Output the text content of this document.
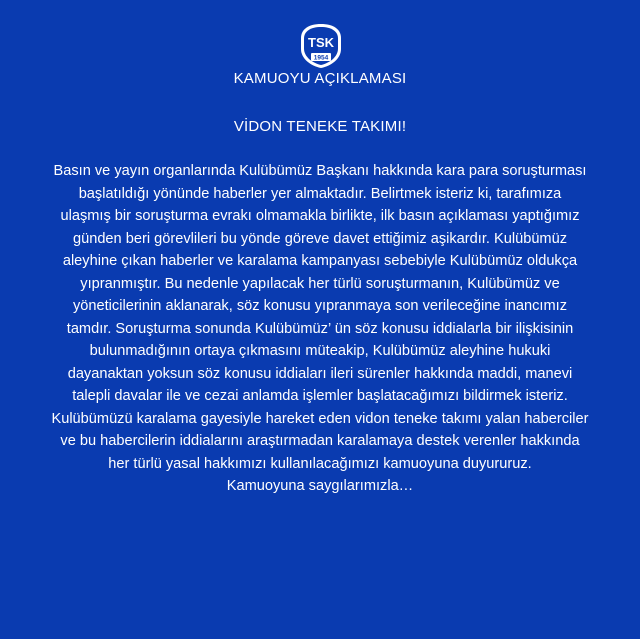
TSK
1954
KAMUOYU AÇIKLAMASI
VİDON TENEKE TAKIMI!
Basın ve yayın organlarında Kulübümüz Başkanı hakkında kara para soruşturması
başlatıldığı yönünde haberler yer almaktadır. Belirtmek isteriz ki, tarafımıza
ulaşmış bir soruşturma evrakı olmamakla birlikte, ilk basın açıklaması yaptığımız
günden beri görevlileri bu yönde göreve davet ettiğimiz aşikardır. Kulübümüz
aleyhine çıkan haberler ve karalama kampanyası sebebiyle Kulübümüz oldukça
yıpranmıştır. Bu nedenle yapılacak her türlü soruşturmanın, Kulübümüz ve
yöneticilerinin aklanarak, söz konusu yıpranmaya son verileceğine inancımız
tamdır. Soruşturma sonunda Kulübümüz’ ün söz konusu iddialarla bir ilişkisinin
bulunmadığının ortaya çıkmasını müteakip, Kulübümüz aleyhine hukuki
dayanaktan yoksun söz konusu iddiaları ileri sürenler hakkında maddi, manevi
talepli davalar ile ve cezai anlamda işlemler başlatacağımızı bildirmek isteriz.
Kulübümüzü karalama gayesiyle hareket eden vidon teneke takımı yalan haberciler
ve bu habercilerin iddialarını araştırmadan karalamaya destek verenler hakkında
her türlü yasal hakkımızı kullanılacağımızı kamuoyuna duyururuz.
Kamuoyuna saygılarımızla…
